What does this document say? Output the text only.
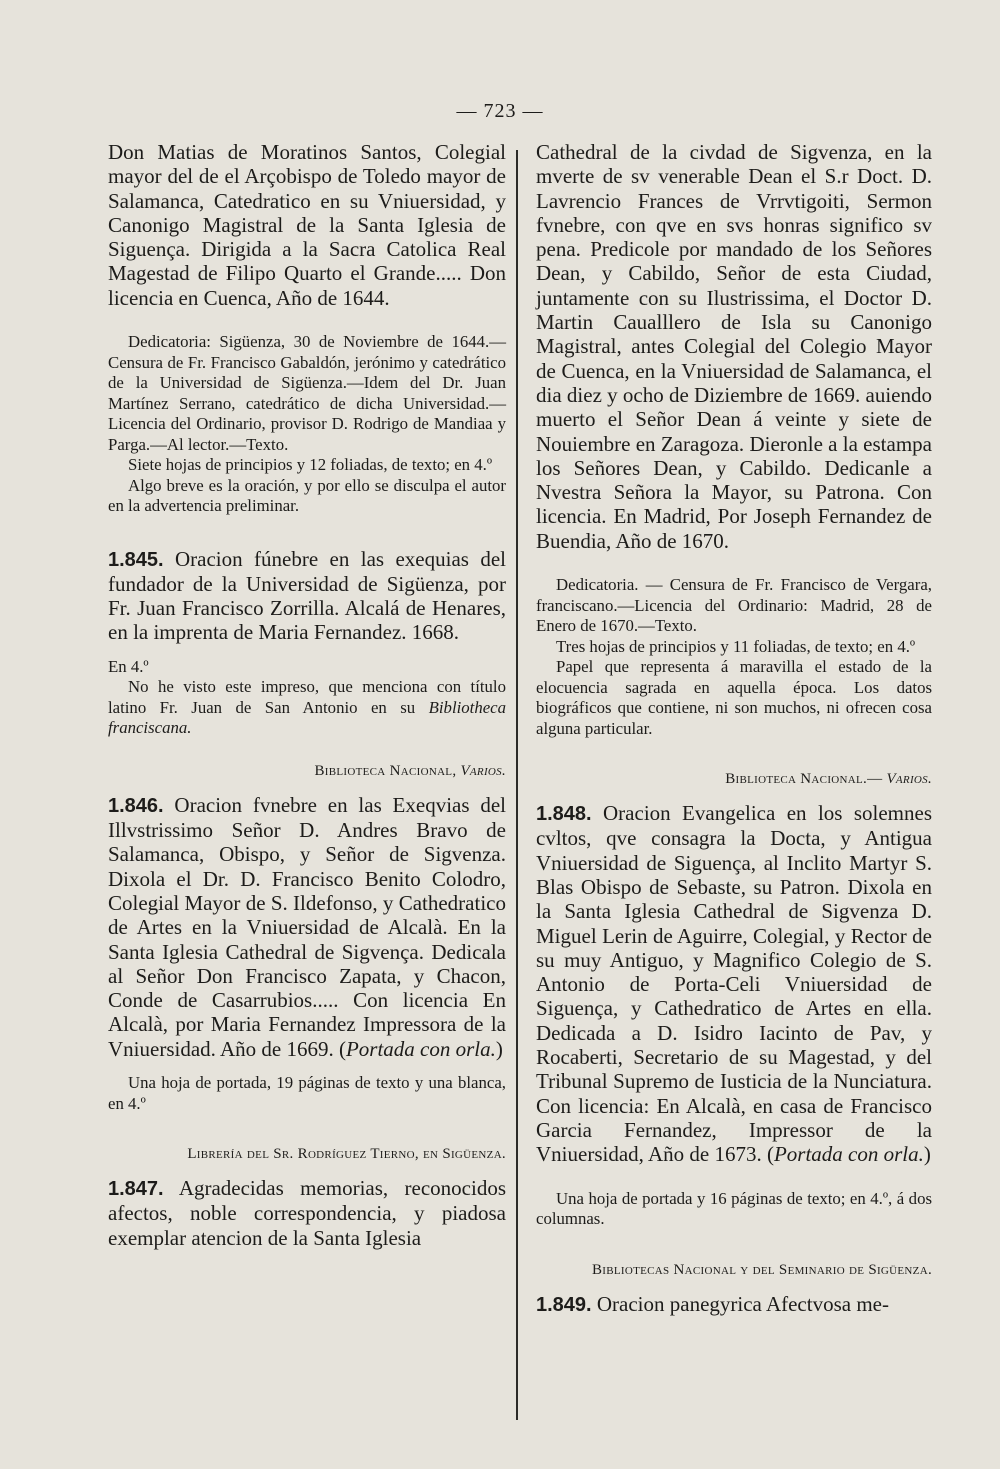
— 723 —

Don Matias de Moratinos Santos, Colegial mayor del de el Arçobispo de Toledo mayor de Salamanca, Catedratico en su Vniuersidad, y Canonigo Magistral de la Santa Iglesia de Siguença. Dirigida a la Sacra Catolica Real Magestad de Filipo Quarto el Grande..... Don licencia en Cuenca, Año de 1644.

Dedicatoria: Sigüenza, 30 de Noviembre de 1644.—Censura de Fr. Francisco Gabaldón, jerónimo y catedrático de la Universidad de Sigüenza.—Idem del Dr. Juan Martínez Serrano, catedrático de dicha Universidad.—Licencia del Ordinario, provisor D. Rodrigo de Mandiaa y Parga.—Al lector.—Texto.

Siete hojas de principios y 12 foliadas, de texto; en 4.º

Algo breve es la oración, y por ello se disculpa el autor en la advertencia preliminar.

1.845. Oracion fúnebre en las exequias del fundador de la Universidad de Sigüenza, por Fr. Juan Francisco Zorrilla. Alcalá de Henares, en la imprenta de Maria Fernandez. 1668.

En 4.º

No he visto este impreso, que menciona con título latino Fr. Juan de San Antonio en su Bibliotheca franciscana.

Biblioteca Nacional, Varios.

1.846. Oracion fvnebre en las Exeqvias del Illvstrissimo Señor D. Andres Bravo de Salamanca, Obispo, y Señor de Sigvenza. Dixola el Dr. D. Francisco Benito Colodro, Colegial Mayor de S. Ildefonso, y Cathedratico de Artes en la Vniuersidad de Alcalà. En la Santa Iglesia Cathedral de Sigvença. Dedicala al Señor Don Francisco Zapata, y Chacon, Conde de Casarrubios..... Con licencia En Alcalà, por Maria Fernandez Impressora de la Vniuersidad. Año de 1669. (Portada con orla.)

Una hoja de portada, 19 páginas de texto y una blanca, en 4.º

Librería del Sr. Rodríguez Tierno, en Sigüenza.

1.847. Agradecidas memorias, reconocidos afectos, noble correspondencia, y piadosa exemplar atencion de la Santa Iglesia

Cathedral de la civdad de Sigvenza, en la mverte de sv venerable Dean el S.r Doct. D. Lavrencio Frances de Vrrvtigoiti, Sermon fvnebre, con qve en svs honras significo sv pena. Predicole por mandado de los Señores Dean, y Cabildo, Señor de esta Ciudad, juntamente con su Ilustrissima, el Doctor D. Martin Caualllero de Isla su Canonigo Magistral, antes Colegial del Colegio Mayor de Cuenca, en la Vniuersidad de Salamanca, el dia diez y ocho de Diziembre de 1669. auiendo muerto el Señor Dean á veinte y siete de Nouiembre en Zaragoza. Dieronle a la estampa los Señores Dean, y Cabildo. Dedicanle a Nvestra Señora la Mayor, su Patrona. Con licencia. En Madrid, Por Joseph Fernandez de Buendia, Año de 1670.

Dedicatoria. — Censura de Fr. Francisco de Vergara, franciscano.—Licencia del Ordinario: Madrid, 28 de Enero de 1670.—Texto.

Tres hojas de principios y 11 foliadas, de texto; en 4.º

Papel que representa á maravilla el estado de la elocuencia sagrada en aquella época. Los datos biográficos que contiene, ni son muchos, ni ofrecen cosa alguna particular.

Biblioteca Nacional.— Varios.

1.848. Oracion Evangelica en los solemnes cvltos, qve consagra la Docta, y Antigua Vniuersidad de Siguença, al Inclito Martyr S. Blas Obispo de Sebaste, su Patron. Dixola en la Santa Iglesia Cathedral de Sigvenza D. Miguel Lerin de Aguirre, Colegial, y Rector de su muy Antiguo, y Magnifico Colegio de S. Antonio de Porta-Celi Vniuersidad de Siguença, y Cathedratico de Artes en ella. Dedicada a D. Isidro Iacinto de Pav, y Rocaberti, Secretario de su Magestad, y del Tribunal Supremo de Iusticia de la Nunciatura. Con licencia: En Alcalà, en casa de Francisco Garcia Fernandez, Impressor de la Vniuersidad, Año de 1673. (Portada con orla.)

Una hoja de portada y 16 páginas de texto; en 4.º, á dos columnas.

Bibliotecas Nacional y del Seminario de Sigüenza.

1.849. Oracion panegyrica Afectvosa me-
